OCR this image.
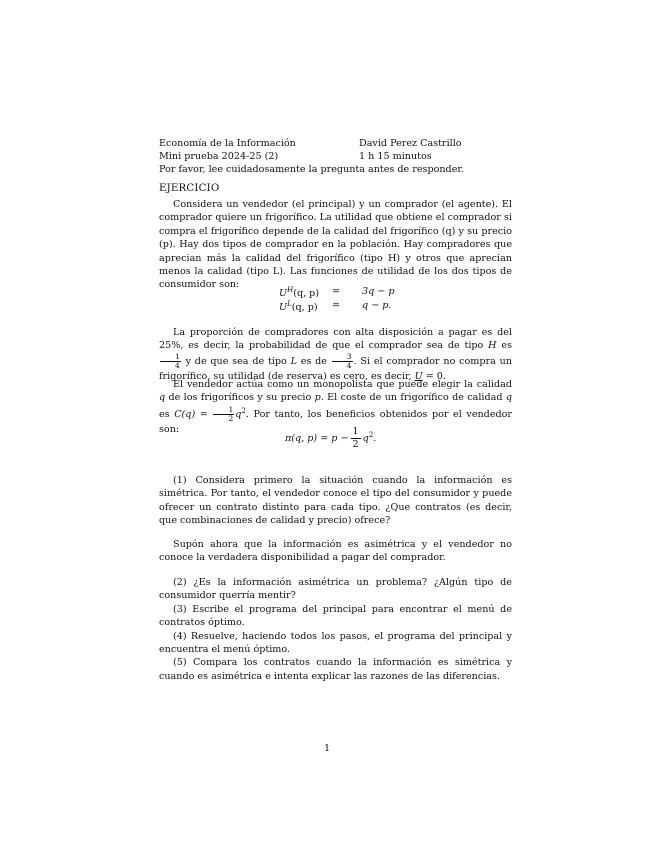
Economía de la Información	David Perez Castrillo
Mini prueba 2024-25 (2)	1 h 15 minutos
Por favor, lee cuidadosamente la pregunta antes de responder.
EJERCICIO

Considera un vendedor (el principal) y un comprador (el agente). El comprador quiere un frigorífico. La utilidad que obtiene el comprador si compra el frigorífico depende de la calidad del frigorífico (q) y su precio (p). Hay dos tipos de comprador en la población. Hay compradores que aprecian más la calidad del frigorífico (tipo H) y otros que aprecian menos la calidad (tipo L). Las funciones de utilidad de los dos tipos de consumidor son:

$U^H(q$, p) = 3q − p
$U^L(q$, p) = q − p.

La proporción de compradores con alta disposición a pagar es del 25%, es decir, la probabilidad de que el comprador sea de tipo H es
$\frac{1}{4}$ y de que sea de tipo L es de $\frac{3}{4}$ . Si el comprador no compra un frigorífico, su utilidad (de reserva) es cero, es decir, U = 0.

El vendedor actúa como un monopolista que puede elegir la calidad q de los frigoríficos y su precio p. El coste de un frigorífico de calidad q es $C(q) = \frac{1}{2} q^2$. Por tanto, los beneficios obtenidos por el vendedor son:

π(q, $p) = p - \frac{1}{2} q^2$.

(1) Considera primero la situación cuando la información es simétrica. Por tanto, el vendedor conoce el tipo del consumidor y puede ofrecer un contrato distinto para cada tipo. ¿Que contratos (es decir, que combinaciones de calidad y precio) ofrece?

Supón ahora que la información es asimétrica y el vendedor no conoce la verdadera disponibilidad a pagar del comprador.

(2) ¿Es la información asimétrica un problema? ¿Algún tipo de consumidor querría mentir?

(3) Escribe el programa del principal para encontrar el menú de contratos óptimo.

(4) Resuelve, haciendo todos los pasos, el programa del principal y encuentra el menú óptimo.

(5) Compara los contratos cuando la información es simétrica y cuando es asimétrica e intenta explicar las razones de las diferencias.

1
